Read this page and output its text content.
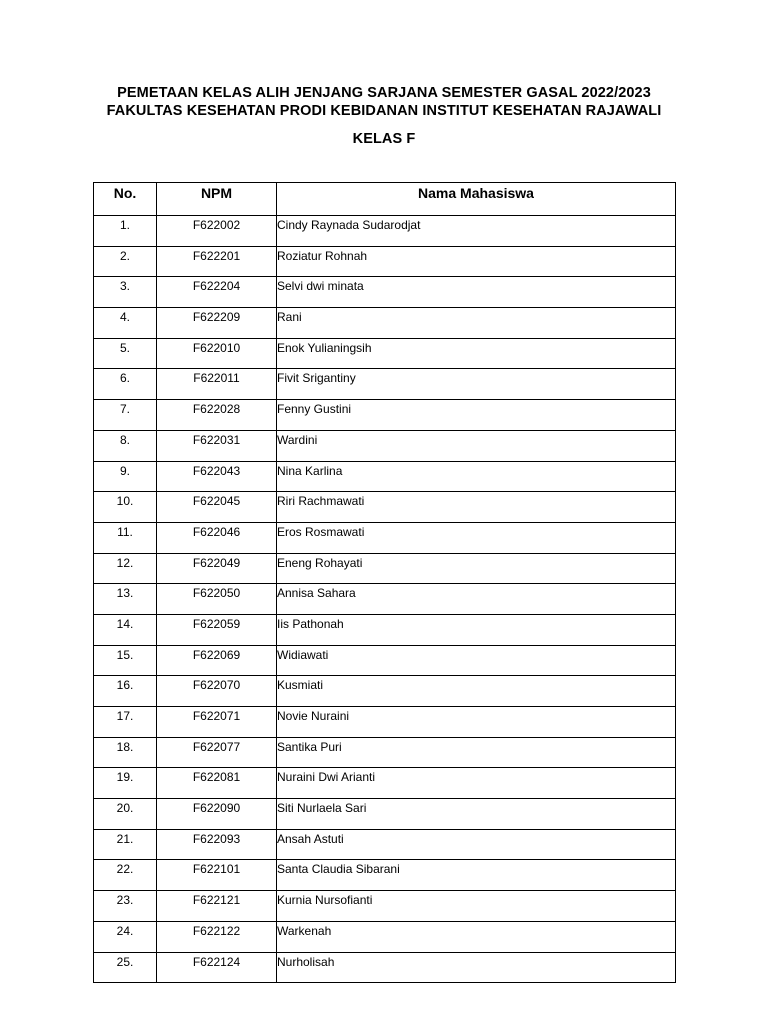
PEMETAAN KELAS ALIH JENJANG SARJANA SEMESTER GASAL 2022/2023
FAKULTAS KESEHATAN PRODI KEBIDANAN INSTITUT KESEHATAN RAJAWALI
KELAS F
No.	NPM	Nama Mahasiswa
1.	F622002	Cindy Raynada Sudarodjat
2.	F622201	Roziatur Rohnah
3.	F622204	Selvi dwi minata
4.	F622209	Rani
5.	F622010	Enok Yulianingsih
6.	F622011	Fivit Srigantiny
7.	F622028	Fenny Gustini
8.	F622031	Wardini
9.	F622043	Nina Karlina
10.	F622045	Riri Rachmawati
11.	F622046	Eros Rosmawati
12.	F622049	Eneng Rohayati
13.	F622050	Annisa Sahara
14.	F622059	Iis Pathonah
15.	F622069	Widiawati
16.	F622070	Kusmiati
17.	F622071	Novie Nuraini
18.	F622077	Santika Puri
19.	F622081	Nuraini Dwi Arianti
20.	F622090	Siti Nurlaela Sari
21.	F622093	Ansah Astuti
22.	F622101	Santa Claudia Sibarani
23.	F622121	Kurnia Nursofianti
24.	F622122	Warkenah
25.	F622124	Nurholisah
